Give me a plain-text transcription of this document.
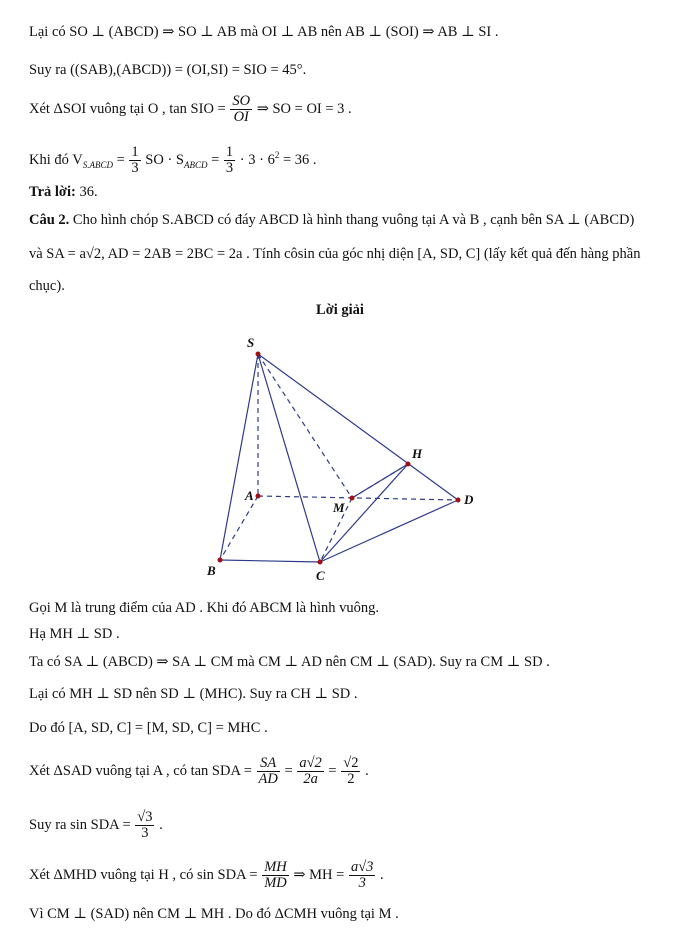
Lại có SO ⊥ (ABCD) ⇒ SO ⊥ AB mà OI ⊥ AB nên AB ⊥ (SOI) ⇒ AB ⊥ SI .
Suy ra ((SAB),(ABCD)) = (OI,SI) = SIO = 45°.
Xét ΔSOI vuông tại O , tan SIO = $\frac{SO}{OI}$ ⇒ SO = OI = 3 .
Khi đó $V_{S.ABCD} = \frac{1}{3}$ SO · $S_{ABCD} = \frac{1}{3} \cdot 3 \cdot 6^2 = 36$ .
Trả lời: 36.
Câu 2. Cho hình chóp S.ABCD có đáy ABCD là hình thang vuông tại A và B , cạnh bên SA ⊥ (ABCD)
và SA = a√2, AD = 2AB = 2BC = 2a . Tính côsin của góc nhị diện [A, SD, C] (lấy kết quả đến hàng phần
chục).
Lời giải
S
H
A
M
D
B	C
Gọi M là trung điểm của AD . Khi đó ABCM là hình vuông.
Hạ MH ⊥ SD .
Ta có SA ⊥ (ABCD) ⇒ SA ⊥ CM mà CM ⊥ AD nên CM ⊥ (SAD). Suy ra CM ⊥ SD .
Lại có MH ⊥ SD nên SD ⊥ (MHC). Suy ra CH ⊥ SD .
Do đó [A, SD, C] = [M, SD, C] = MHC .
Xét ΔSAD vuông tại A , có tan SDA = $\frac{SA}{AD} = \frac{a√2}{2a} = \frac{√2}{2}$ .
Suy ra sin SDA = $\frac{√3}{3}$ .
Xét ΔMHD vuông tại H , có sin SDA = $\frac{MH}{MD}$ ⇒ MH = $\frac{a√3}{3}$ .
Vì CM ⊥ (SAD) nên CM ⊥ MH . Do đó ΔCMH vuông tại M .
